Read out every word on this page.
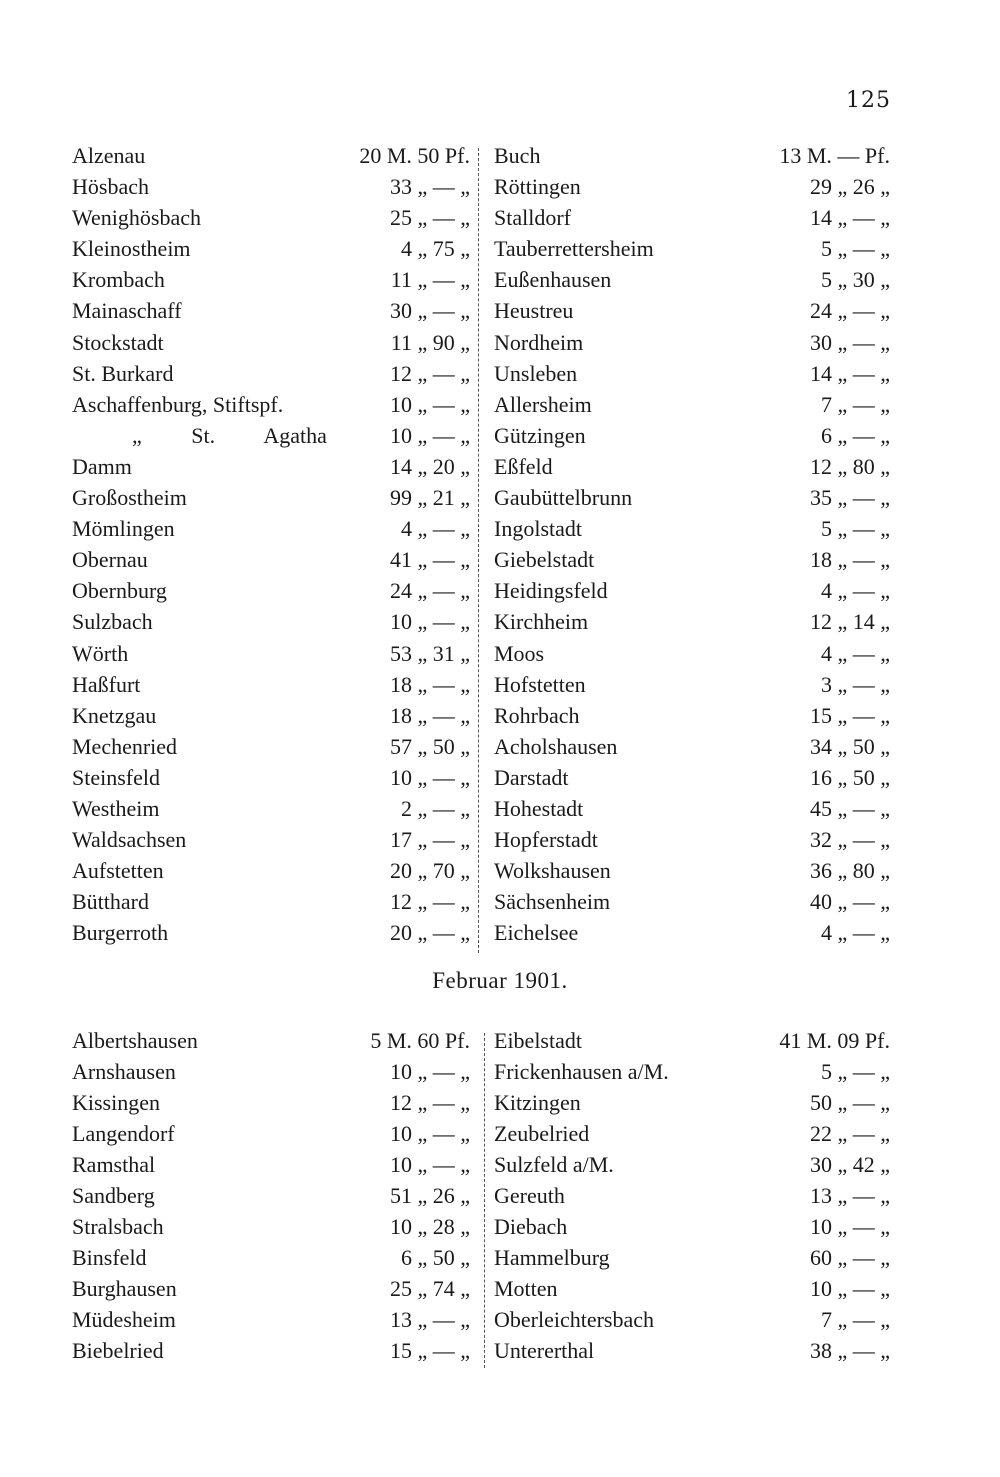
125
Alzenau	20 M. 50 Pf.
Hösbach	33 „ — „
Wenighösbach	25 „ — „
Kleinostheim	4 „ 75 „
Krombach	11 „ — „
Mainaschaff	30 „ — „
Stockstadt	11 „ 90 „
St. Burkard	12 „ — „
Aschaffenburg, Stiftspf.	10 „ — „
„ St. Agatha	10 „ — „
Damm	14 „ 20 „
Großostheim	99 „ 21 „
Mömlingen	4 „ — „
Obernau	41 „ — „
Obernburg	24 „ — „
Sulzbach	10 „ — „
Wörth	53 „ 31 „
Haßfurt	18 „ — „
Knetzgau	18 „ — „
Mechenried	57 „ 50 „
Steinsfeld	10 „ — „
Westheim	2 „ — „
Waldsachsen	17 „ — „
Aufstetten	20 „ 70 „
Bütthard	12 „ — „
Burgerroth	20 „ — „
Buch	13 M. — Pf.
Röttingen	29 „ 26 „
Stalldorf	14 „ — „
Tauberrettersheim	5 „ — „
Eußenhausen	5 „ 30 „
Heustreu	24 „ — „
Nordheim	30 „ — „
Unsleben	14 „ — „
Allersheim	7 „ — „
Gützingen	6 „ — „
Eßfeld	12 „ 80 „
Gaubüttelbrunn	35 „ — „
Ingolstadt	5 „ — „
Giebelstadt	18 „ — „
Heidingsfeld	4 „ — „
Kirchheim	12 „ 14 „
Moos	4 „ — „
Hofstetten	3 „ — „
Rohrbach	15 „ — „
Acholshausen	34 „ 50 „
Darstadt	16 „ 50 „
Hohestadt	45 „ — „
Hopferstadt	32 „ — „
Wolkshausen	36 „ 80 „
Sächsenheim	40 „ — „
Eichelsee	4 „ — „
Februar 1901.
Albertshausen	5 M. 60 Pf.
Arnshausen	10 „ — „
Kissingen	12 „ — „
Langendorf	10 „ — „
Ramsthal	10 „ — „
Sandberg	51 „ 26 „
Stralsbach	10 „ 28 „
Binsfeld	6 „ 50 „
Burghausen	25 „ 74 „
Müdesheim	13 „ — „
Biebelried	15 „ — „
Eibelstadt	41 M. 09 Pf.
Frickenhausen a/M.	5 „ — „
Kitzingen	50 „ — „
Zeubelried	22 „ — „
Sulzfeld a/M.	30 „ 42 „
Gereuth	13 „ — „
Diebach	10 „ — „
Hammelburg	60 „ — „
Motten	10 „ — „
Oberleichtersbach	7 „ — „
Untererthal	38 „ — „
